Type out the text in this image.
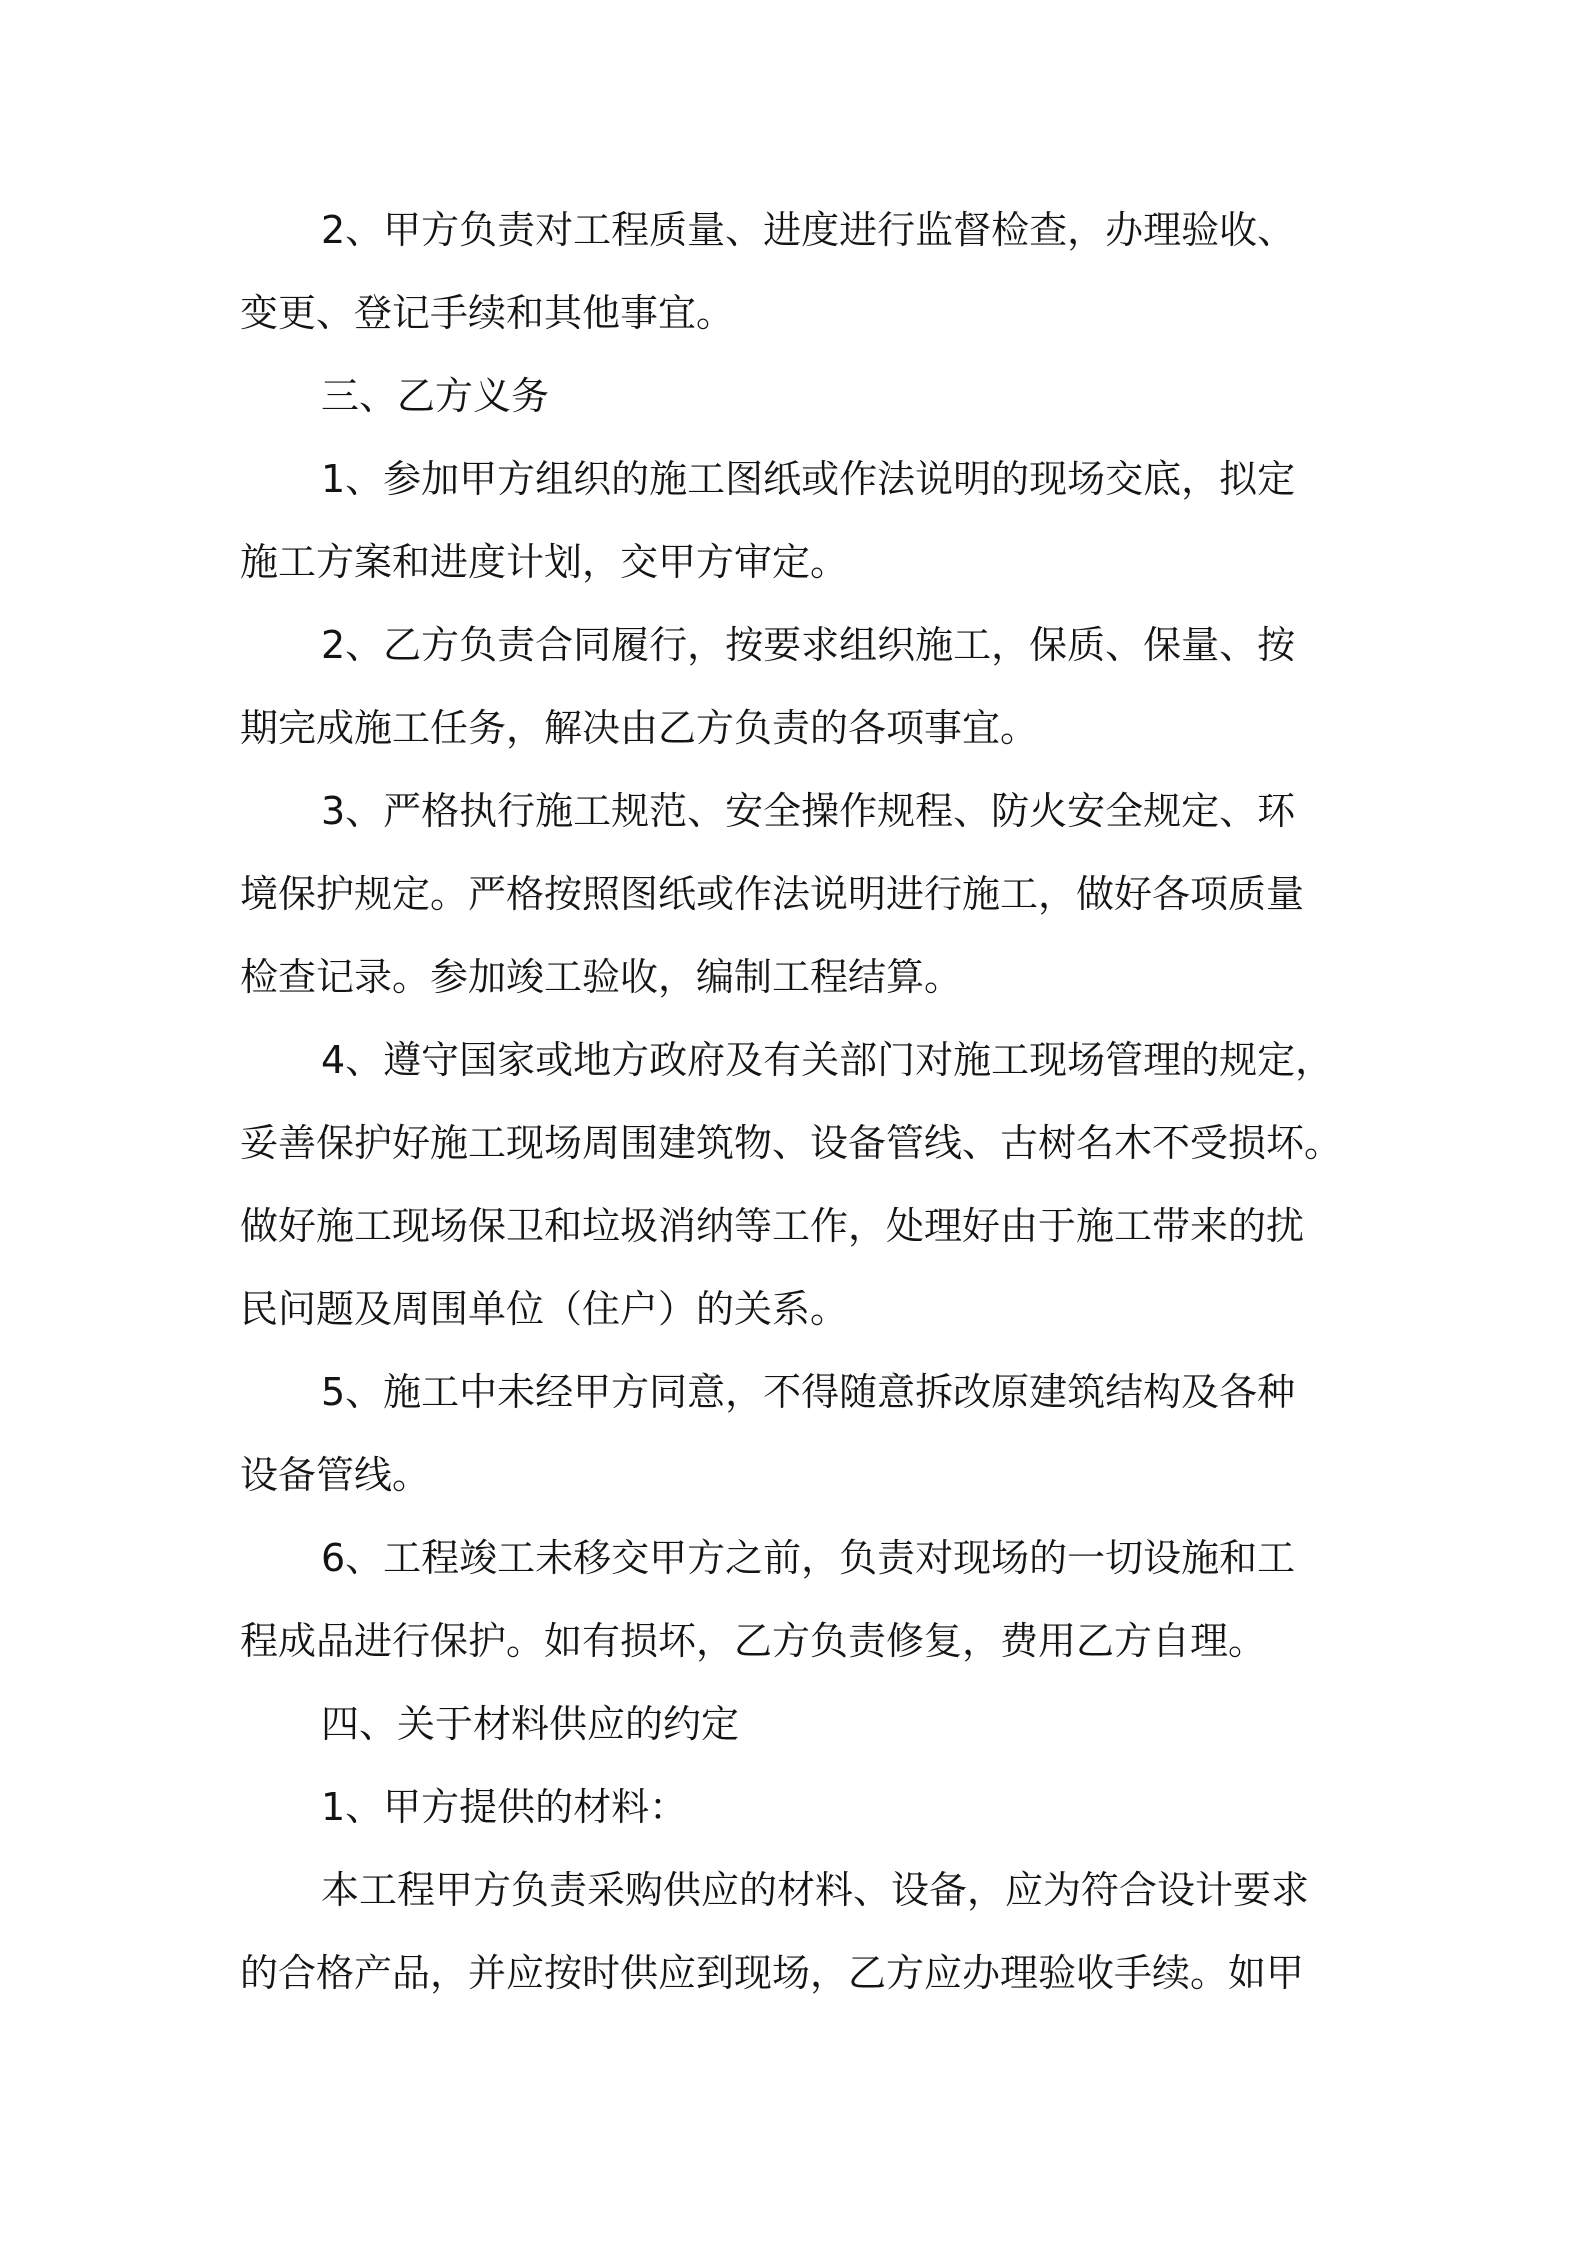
2、甲方负责对工程质量、进度进行监督检查，办理验收、
变更、登记手续和其他事宜。
三、乙方义务
1、参加甲方组织的施工图纸或作法说明的现场交底，拟定
施工方案和进度计划，交甲方审定。
2、乙方负责合同履行，按要求组织施工，保质、保量、按
期完成施工任务，解决由乙方负责的各项事宜。
3、严格执行施工规范、安全操作规程、防火安全规定、环
境保护规定。严格按照图纸或作法说明进行施工，做好各项质量
检查记录。参加竣工验收，编制工程结算。
4、遵守国家或地方政府及有关部门对施工现场管理的规定，
妥善保护好施工现场周围建筑物、设备管线、古树名木不受损坏。
做好施工现场保卫和垃圾消纳等工作，处理好由于施工带来的扰
民问题及周围单位（住户）的关系。
5、施工中未经甲方同意，不得随意拆改原建筑结构及各种
设备管线。
6、工程竣工未移交甲方之前，负责对现场的一切设施和工
程成品进行保护。如有损坏，乙方负责修复，费用乙方自理。
四、关于材料供应的约定
1、甲方提供的材料：
本工程甲方负责采购供应的材料、设备，应为符合设计要求
的合格产品，并应按时供应到现场，乙方应办理验收手续。如甲
